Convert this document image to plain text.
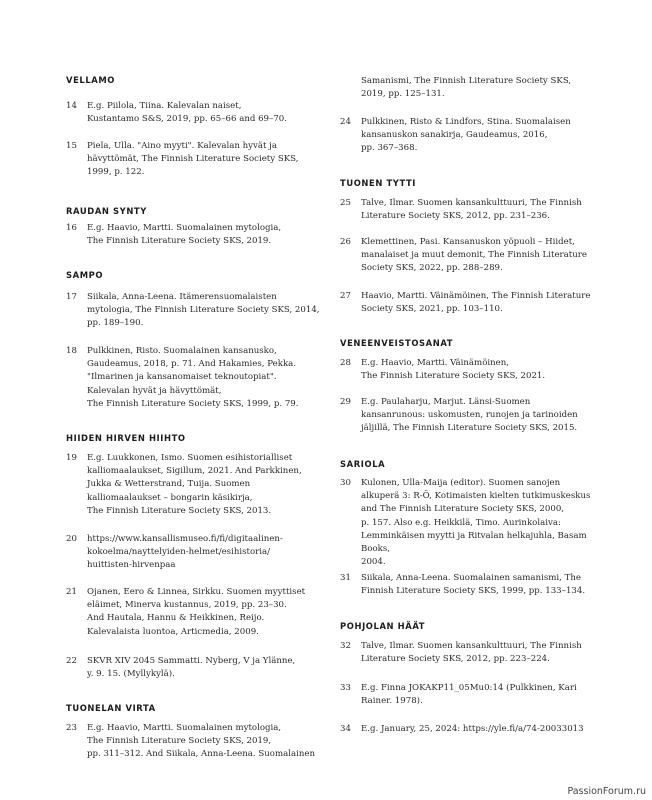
VELLAMO
14 E.g. Piilola, Tiina. Kalevalan naiset,
Kustantamo S&S, 2019, pp. 65–66 and 69–70.
15 Piela, Ulla. "Aino myyti". Kalevalan hyvät ja
hävyttömät, The Finnish Literature Society SKS,
1999, p. 122.
RAUDAN SYNTY
16 E.g. Haavio, Martti. Suomalainen mytologia,
The Finnish Literature Society SKS, 2019.
SAMPO
17 Siikala, Anna-Leena. Itämerensuomalaisten
mytologia, The Finnish Literature Society SKS, 2014,
pp. 189–190.
18 Pulkkinen, Risto. Suomalainen kansanusko,
Gaudeamus, 2018, p. 71. And Hakamies, Pekka.
"Ilmarinen ja kansanomaiset teknoutopiat".
Kalevalan hyvät ja hävyttömät,
The Finnish Literature Society SKS, 1999, p. 79.
HIIDEN HIRVEN HIIHTO
19 E.g. Luukkonen, Ismo. Suomen esihistorialliset
kalliomaalaukset, Sigillum, 2021. And Parkkinen,
Jukka & Wetterstrand, Tuija. Suomen
kalliomaalaukset – bongarin käsikirja,
The Finnish Literature Society SKS, 2013.
20 https://www.kansallismuseo.fi/fi/digitaalinen-
kokoelma/nayttelyiden-helmet/esihistoria/
huittisten-hirvenpaa
21 Ojanen, Eero & Linnea, Sirkku. Suomen myyttiset
eläimet, Minerva kustannus, 2019, pp. 23–30.
And Hautala, Hannu & Heikkinen, Reijo.
Kalevalaista luontoa, Articmedia, 2009.
22 SKVR XIV 2045 Sammatti. Nyberg, V ja Ylänne,
y. 9. 15. (Myllykylä).
TUONELAN VIRTA
23 E.g. Haavio, Martti. Suomalainen mytologia,
The Finnish Literature Society SKS, 2019,
pp. 311–312. And Siikala, Anna-Leena. Suomalainen
Samanismi, The Finnish Literature Society SKS,
2019, pp. 125–131.
24 Pulkkinen, Risto & Lindfors, Stina. Suomalaisen
kansanuskon sanakirja, Gaudeamus, 2016,
pp. 367–368.
TUONEN TYTTI
25 Talve, Ilmar. Suomen kansankulttuuri, The Finnish
Literature Society SKS, 2012, pp. 231–236.
26 Klemettinen, Pasi. Kansanuskon yöpuoli – Hiidet,
manalaiset ja muut demonit, The Finnish Literature
Society SKS, 2022, pp. 288–289.
27 Haavio, Martti. Väinämöinen, The Finnish Literature
Society SKS, 2021, pp. 103–110.
VENEENVEISTOSANAT
28 E.g. Haavio, Martti. Väinämöinen,
The Finnish Literature Society SKS, 2021.
29 E.g. Paulaharju, Marjut. Länsi-Suomen
kansanrunous: uskomusten, runojen ja tarinoiden
jäljillä, The Finnish Literature Society SKS, 2015.
SARIOLA
30 Kulonen, Ulla-Maija (editor). Suomen sanojen
alkuperä 3: R-Ö, Kotimaisten kielten tutkimuskeskus
and The Finnish Literature Society SKS, 2000,
p. 157. Also e.g. Heikkilä, Timo. Aurinkolaiva:
Lemminkäisen myytti ja Ritvalan helkajuhla, Basam Books,
2004.
31 Siikala, Anna-Leena. Suomalainen samanismi, The
Finnish Literature Society SKS, 1999, pp. 133–134.
POHJOLAN HÄÄT
32 Talve, Ilmar. Suomen kansankulttuuri, The Finnish
Literature Society SKS, 2012, pp. 223–224.
33 E.g. Finna JOKAKP11_05Mu0:14 (Pulkkinen, Kari
Rainer. 1978).
34 E.g. January, 25, 2024: https://yle.fi/a/74-20033013
PassionForum.ru
